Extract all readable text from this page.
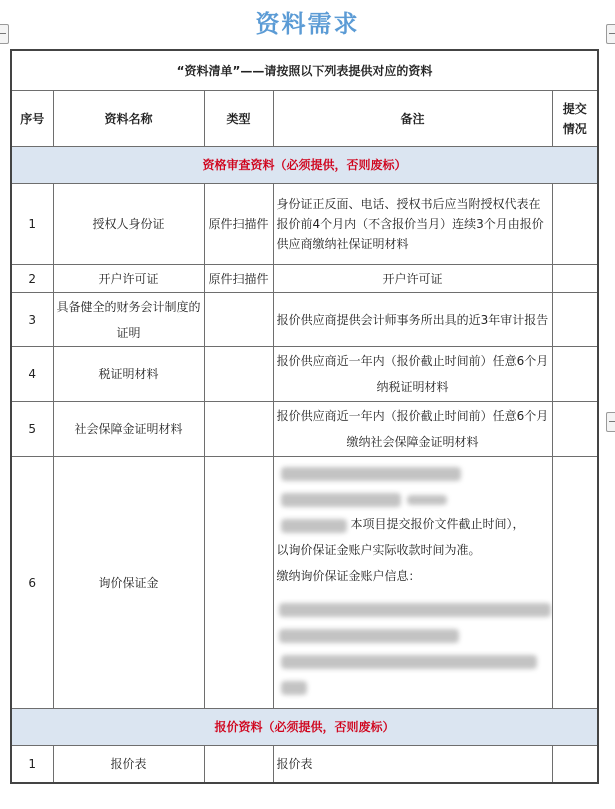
资料需求
“资料清单”——请按照以下列表提供对应的资料				
序号	资料名称	类型	备注	提交情况
资格审查资料（必须提供，否则废标）				
1	授权人身份证	原件扫描件	身份证正反面、电话、授权书后应当附授权代表在报价前4个月内（不含报价当月）连续3个月由报价供应商缴纳社保证明材料	
2	开户许可证	原件扫描件	开户许可证	
3	具备健全的财务会计制度的证明		报价供应商提供会计师事务所出具的近3年审计报告	
4	税证明材料		报价供应商近一年内（报价截止时间前）任意6个月纳税证明材料	
5	社会保障金证明材料		报价供应商近一年内（报价截止时间前）任意6个月缴纳社会保障金证明材料	
6	询价保证金		本项目提交报价文件截止时间），
以询价保证金账户实际收款时间为准。
缴纳询价保证金账户信息：	

报价资料（必须提供，否则废标）				
1	报价表		报价表	
